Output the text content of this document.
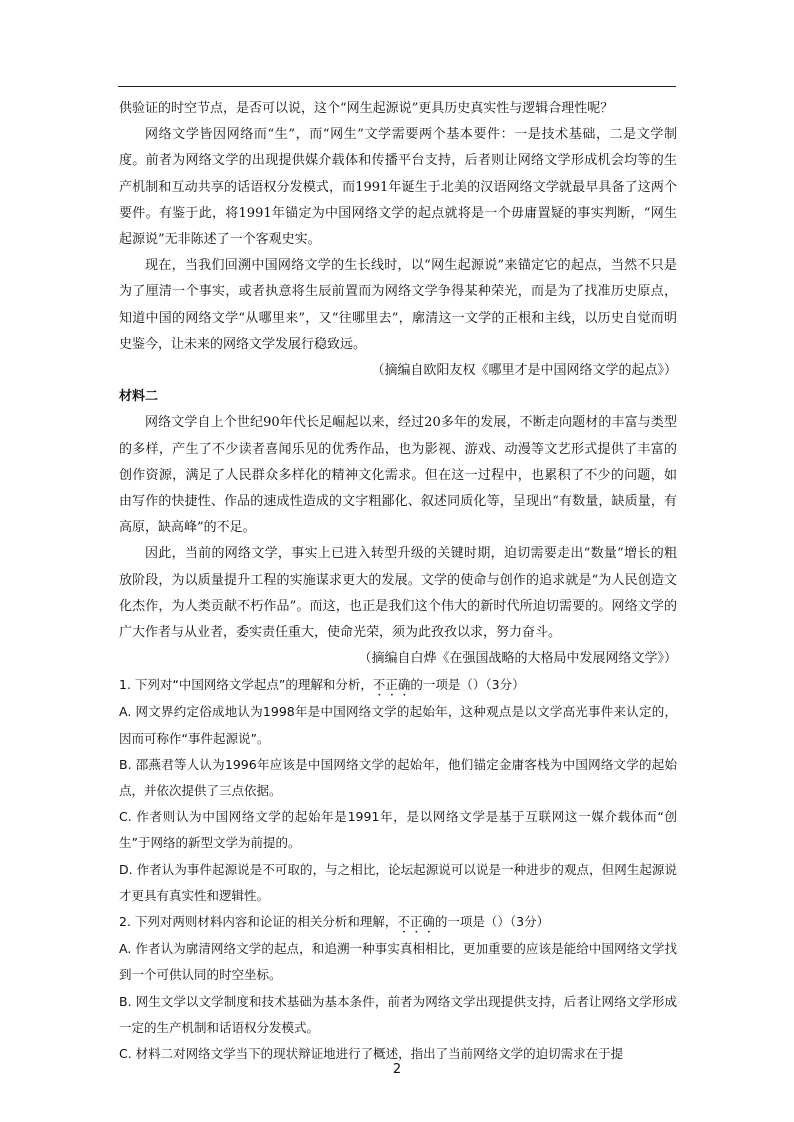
供验证的时空节点，是否可以说，这个“网生起源说”更具历史真实性与逻辑合理性呢？

网络文学皆因网络而“生”，而“网生”文学需要两个基本要件：一是技术基础，二是文学制度。前者为网络文学的出现提供媒介载体和传播平台支持，后者则让网络文学形成机会均等的生产机制和互动共享的话语权分发模式，而1991年诞生于北美的汉语网络文学就最早具备了这两个要件。有鉴于此，将1991年锚定为中国网络文学的起点就将是一个毋庸置疑的事实判断，“网生起源说”无非陈述了一个客观史实。

现在，当我们回溯中国网络文学的生长线时，以“网生起源说”来锚定它的起点，当然不只是为了厘清一个事实，或者执意将生辰前置而为网络文学争得某种荣光，而是为了找准历史原点，知道中国的网络文学“从哪里来”，又“往哪里去”，廓清这一文学的正根和主线，以历史自觉而明史鉴今，让未来的网络文学发展行稳致远。

（摘编自欧阳友权《哪里才是中国网络文学的起点》）

材料二

网络文学自上个世纪90年代长足崛起以来，经过20多年的发展，不断走向题材的丰富与类型的多样，产生了不少读者喜闻乐见的优秀作品，也为影视、游戏、动漫等文艺形式提供了丰富的创作资源，满足了人民群众多样化的精神文化需求。但在这一过程中，也累积了不少的问题，如由写作的快捷性、作品的速成性造成的文字粗鄙化、叙述同质化等，呈现出“有数量，缺质量，有高原，缺高峰”的不足。

因此，当前的网络文学，事实上已进入转型升级的关键时期，迫切需要走出“数量”增长的粗放阶段，为以质量提升工程的实施谋求更大的发展。文学的使命与创作的追求就是“为人民创造文化杰作，为人类贡献不朽作品”。而这，也正是我们这个伟大的新时代所迫切需要的。网络文学的广大作者与从业者，委实责任重大，使命光荣，须为此孜孜以求，努力奋斗。

（摘编自白烨《在强国战略的大格局中发展网络文学》）

1. 下列对“中国网络文学起点”的理解和分析，不正确的一项是（）（3分）

A. 网文界约定俗成地认为1998年是中国网络文学的起始年，这种观点是以文学高光事件来认定的，因而可称作“事件起源说”。

B. 邵燕君等人认为1996年应该是中国网络文学的起始年，他们锚定金庸客栈为中国网络文学的起始点，并依次提供了三点依据。

C. 作者则认为中国网络文学的起始年是1991年，是以网络文学是基于互联网这一媒介载体而“创生”于网络的新型文学为前提的。

D. 作者认为事件起源说是不可取的，与之相比，论坛起源说可以说是一种进步的观点，但网生起源说才更具有真实性和逻辑性。

2. 下列对两则材料内容和论证的相关分析和理解，不正确的一项是（）（3分）

A. 作者认为廓清网络文学的起点，和追溯一种事实真相相比，更加重要的应该是能给中国网络文学找到一个可供认同的时空坐标。

B. 网生文学以文学制度和技术基础为基本条件，前者为网络文学出现提供支持，后者让网络文学形成一定的生产机制和话语权分发模式。

C. 材料二对网络文学当下的现状辩证地进行了概述，指出了当前网络文学的迫切需求在于提

2
